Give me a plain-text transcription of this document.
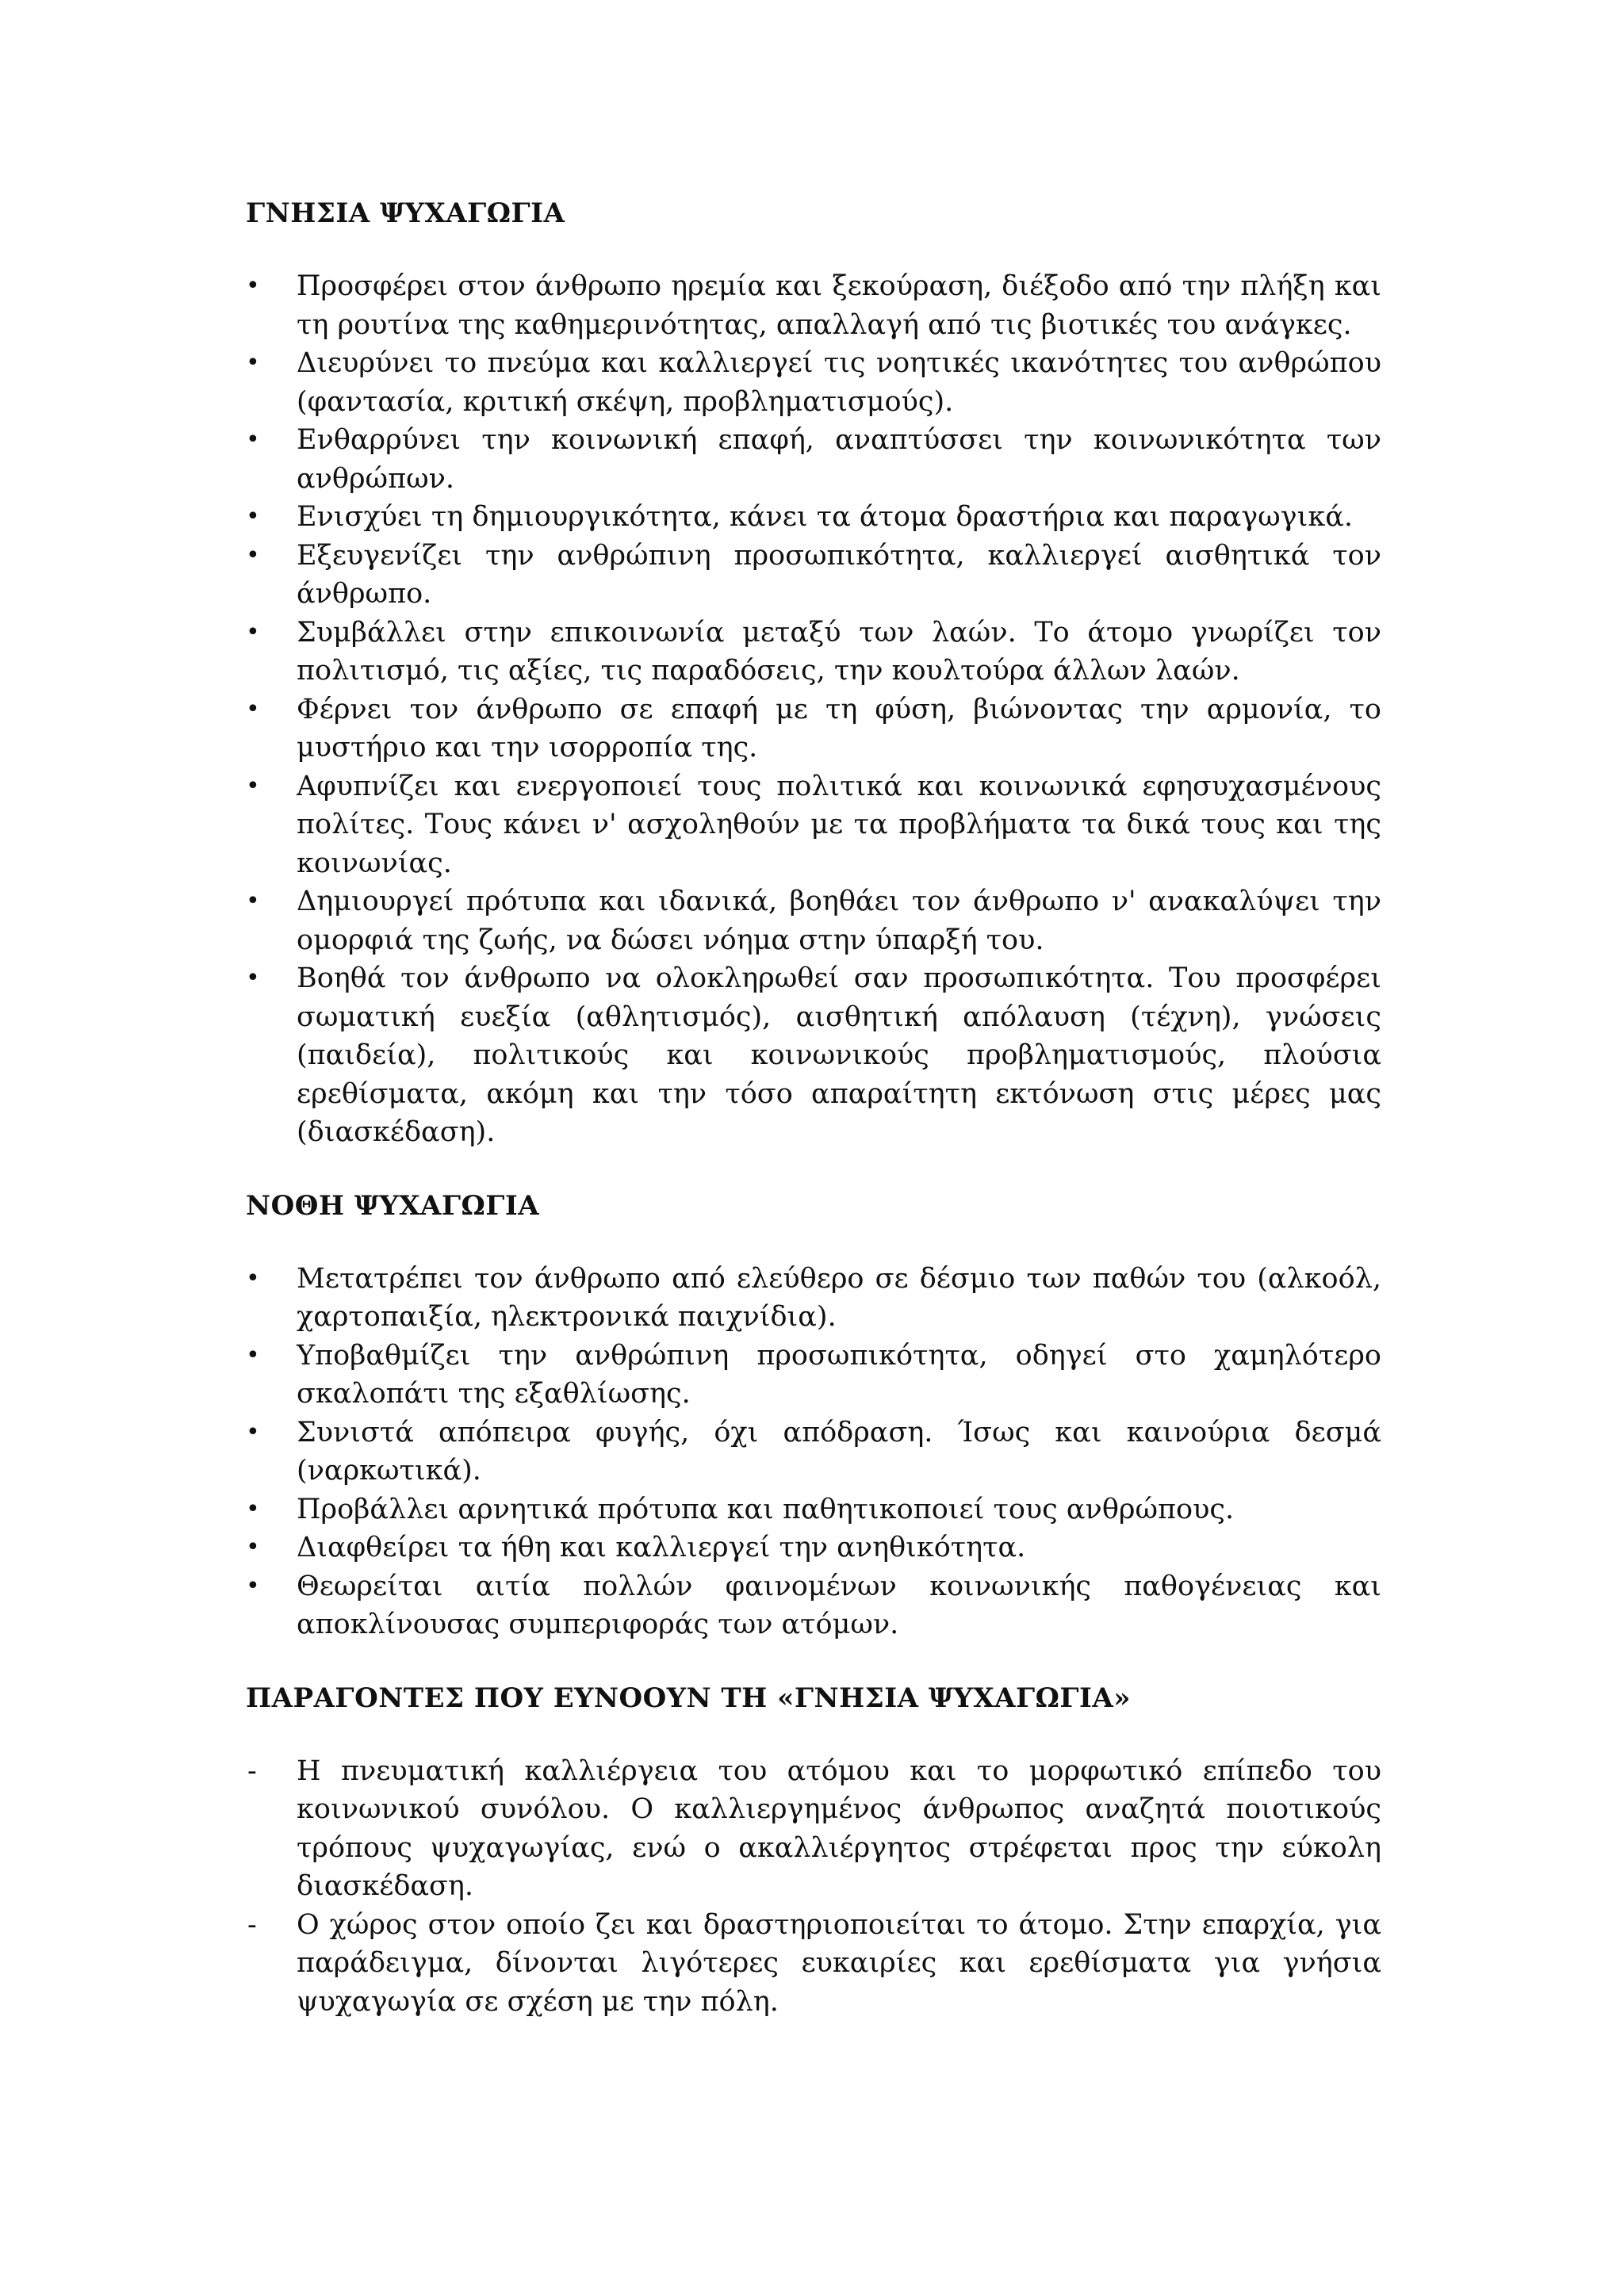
ΓΝΗΣΙΑ ΨΥΧΑΓΩΓΙΑ
•	Προσφέρει στον άνθρωπο ηρεμία και ξεκούραση, διέξοδο από την πλήξη και τη ρουτίνα της καθημερινότητας, απαλλαγή από τις βιοτικές του ανάγκες.
•	Διευρύνει το πνεύμα και καλλιεργεί τις νοητικές ικανότητες του ανθρώπου (φαντασία, κριτική σκέψη, προβληματισμούς).
•	Ενθαρρύνει την κοινωνική επαφή, αναπτύσσει την κοινωνικότητα των ανθρώπων.
•	Ενισχύει τη δημιουργικότητα, κάνει τα άτομα δραστήρια και παραγωγικά.
•	Εξευγενίζει την ανθρώπινη προσωπικότητα, καλλιεργεί αισθητικά τον άνθρωπο.
•	Συμβάλλει στην επικοινωνία μεταξύ των λαών. Το άτομο γνωρίζει τον πολιτισμό, τις αξίες, τις παραδόσεις, την κουλτούρα άλλων λαών.
•	Φέρνει τον άνθρωπο σε επαφή με τη φύση, βιώνοντας την αρμονία, το μυστήριο και την ισορροπία της.
•	Αφυπνίζει και ενεργοποιεί τους πολιτικά και κοινωνικά εφησυχασμένους πολίτες. Τους κάνει ν' ασχοληθούν με τα προβλήματα τα δικά τους και της κοινωνίας.
•	Δημιουργεί πρότυπα και ιδανικά, βοηθάει τον άνθρωπο ν' ανακαλύψει την ομορφιά της ζωής, να δώσει νόημα στην ύπαρξή του.
•	Βοηθά τον άνθρωπο να ολοκληρωθεί σαν προσωπικότητα. Του προσφέρει σωματική ευεξία (αθλητισμός), αισθητική απόλαυση (τέχνη), γνώσεις (παιδεία), πολιτικούς και κοινωνικούς προβληματισμούς, πλούσια ερεθίσματα, ακόμη και την τόσο απαραίτητη εκτόνωση στις μέρες μας (διασκέδαση).
ΝΟΘΗ ΨΥΧΑΓΩΓΙΑ
•	Μετατρέπει τον άνθρωπο από ελεύθερο σε δέσμιο των παθών του (αλκοόλ, χαρτοπαιξία, ηλεκτρονικά παιχνίδια).
•	Υποβαθμίζει την ανθρώπινη προσωπικότητα, οδηγεί στο χαμηλότερο σκαλοπάτι της εξαθλίωσης.
•	Συνιστά απόπειρα φυγής, όχι απόδραση. Ίσως και καινούρια δεσμά (ναρκωτικά).
•	Προβάλλει αρνητικά πρότυπα και παθητικοποιεί τους ανθρώπους.
•	Διαφθείρει τα ήθη και καλλιεργεί την ανηθικότητα.
•	Θεωρείται αιτία πολλών φαινομένων κοινωνικής παθογένειας και αποκλίνουσας συμπεριφοράς των ατόμων.
ΠΑΡΑΓΟΝΤΕΣ ΠΟΥ ΕΥΝΟΟΥΝ ΤΗ «ΓΝΗΣΙΑ ΨΥΧΑΓΩΓΙΑ»
-	Η πνευματική καλλιέργεια του ατόμου και το μορφωτικό επίπεδο του κοινωνικού συνόλου. Ο καλλιεργημένος άνθρωπος αναζητά ποιοτικούς τρόπους ψυχαγωγίας, ενώ ο ακαλλιέργητος στρέφεται προς την εύκολη διασκέδαση.
-	Ο χώρος στον οποίο ζει και δραστηριοποιείται το άτομο. Στην επαρχία, για παράδειγμα, δίνονται λιγότερες ευκαιρίες και ερεθίσματα για γνήσια ψυχαγωγία σε σχέση με την πόλη.
